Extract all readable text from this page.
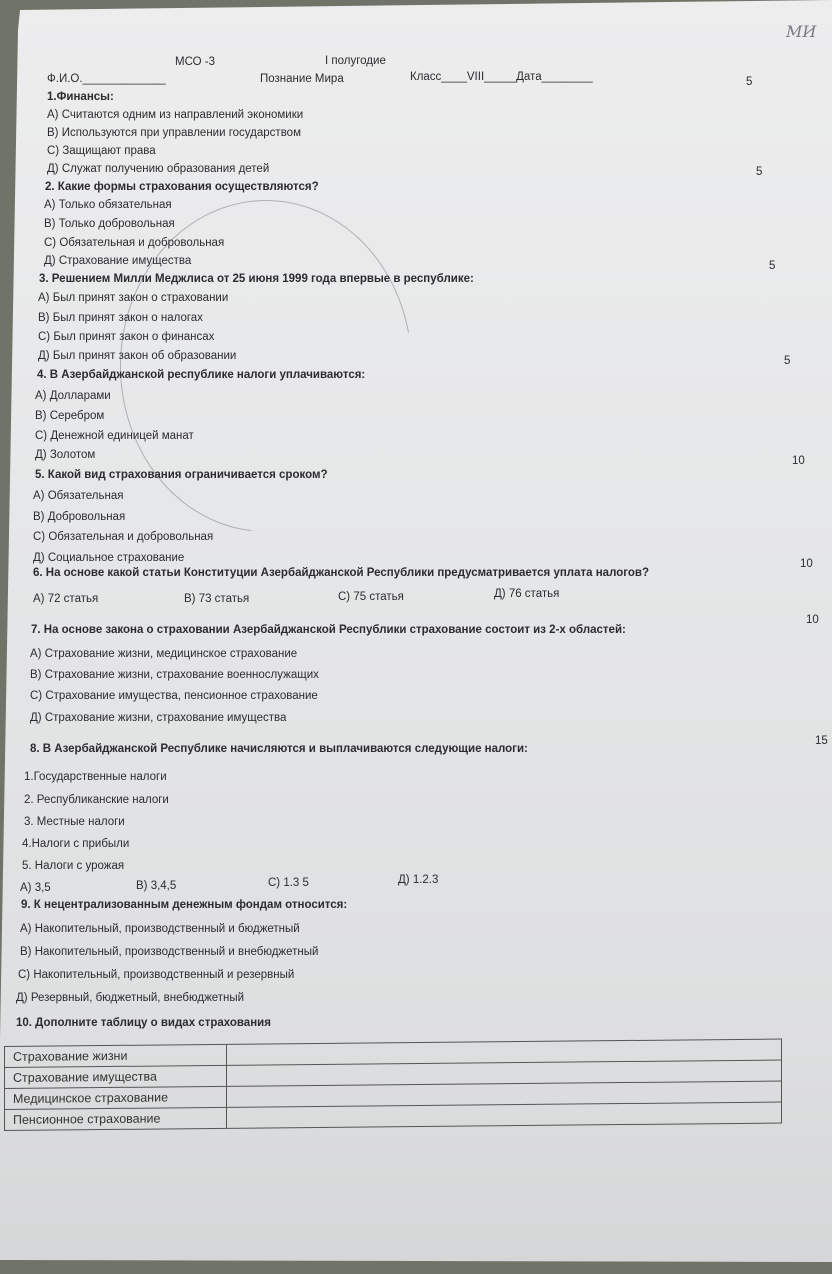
МИ
МСО -3	I полугодие
Ф.И.О._____________	Познание Мира	Класс____VIII_____Дата________	5
1.Финансы:
А) Считаются одним из направлений экономики
В) Используются при управлении государством
С) Защищают права
Д) Служат получению образования детей	5
2. Какие формы страхования осуществляются?
А) Только обязательная
В) Только добровольная
С) Обязательная и добровольная
Д) Страхование имущества	5
3. Решением Милли Меджлиса от 25 июня 1999 года впервые в республике:
А) Был принят закон о страховании
В) Был принят закон о налогах
С) Был принят закон о финансах
Д) Был принят закон об образовании	5
4. В Азербайджанской республике налоги уплачиваются:
А) Долларами
В) Серебром
С) Денежной единицей манат
Д) Золотом	10
5. Какой вид страхования ограничивается сроком?
А) Обязательная
В) Добровольная
С) Обязательная и добровольная
Д) Социальное страхование
6. На основе какой статьи Конституции Азербайджанской Республики предусматривается уплата налогов?
10
А) 72 статья	В) 73 статья	С) 75 статья	Д) 76 статья
10
7. На основе закона о страховании Азербайджанской Республики страхование состоит из 2-х областей:
А) Страхование жизни, медицинское страхование
В) Страхование жизни, страхование военнослужащих
С) Страхование имущества, пенсионное страхование
Д) Страхование жизни, страхование имущества
15
8. В Азербайджанской Республике начисляются и выплачиваются следующие налоги:
1.Государственные налоги
2. Республиканские налоги
3. Местные налоги
4.Налоги с прибыли
5. Налоги с урожая
А) 3,5	В) 3,4,5	С) 1.3 5	Д) 1.2.3
9. К нецентрализованным денежным фондам относится:
А) Накопительный, производственный и бюджетный
В) Накопительный, производственный и внебюджетный
С) Накопительный, производственный и резервный
Д) Резервный, бюджетный, внебюджетный
10. Дополните таблицу о видах страхования
Страхование жизни	
Страхование имущества	
Медицинское страхование	
Пенсионное страхование	
